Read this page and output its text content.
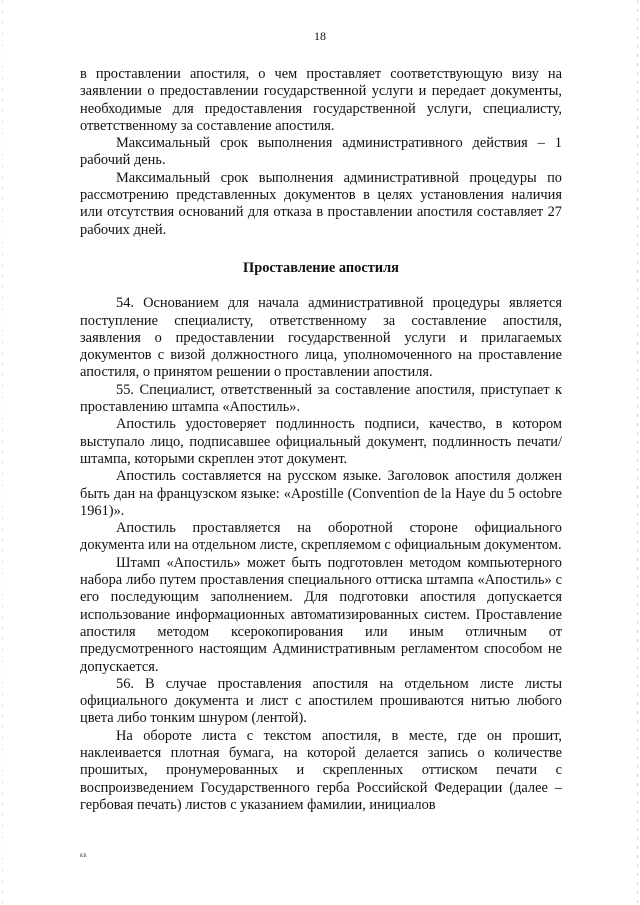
18

в проставлении апостиля, о чем проставляет соответствующую визу на заявлении о предоставлении государственной услуги и передает документы, необходимые для предоставления государственной услуги, специалисту, ответственному за составление апостиля.

Максимальный срок выполнения административного действия – 1 рабочий день.

Максимальный срок выполнения административной процедуры по рассмотрению представленных документов в целях установления наличия или отсутствия оснований для отказа в проставлении апостиля составляет 27 рабочих дней.

Проставление апостиля

54. Основанием для начала административной процедуры является поступление специалисту, ответственному за составление апостиля, заявления о предоставлении государственной услуги и прилагаемых документов с визой должностного лица, уполномоченного на проставление апостиля, о принятом решении о проставлении апостиля.

55. Специалист, ответственный за составление апостиля, приступает к проставлению штампа «Апостиль».

Апостиль удостоверяет подлинность подписи, качество, в котором выступало лицо, подписавшее официальный документ, подлинность печати/штампа, которыми скреплен этот документ.

Апостиль составляется на русском языке. Заголовок апостиля должен быть дан на французском языке: «Apostille (Convention de la Haye du 5 octobre 1961)».

Апостиль проставляется на оборотной стороне официального документа или на отдельном листе, скрепляемом с официальным документом.

Штамп «Апостиль» может быть подготовлен методом компьютерного набора либо путем проставления специального оттиска штампа «Апостиль» с его последующим заполнением. Для подготовки апостиля допускается использование информационных автоматизированных систем. Проставление апостиля методом ксерокопирования или иным отличным от предусмотренного настоящим Административным регламентом способом не допускается.

56. В случае проставления апостиля на отдельном листе листы официального документа и лист с апостилем прошиваются нитью любого цвета либо тонким шнуром (лентой).

На обороте листа с текстом апостиля, в месте, где он прошит, наклеивается плотная бумага, на которой делается запись о количестве прошитых, пронумерованных и скрепленных оттиском печати с воспроизведением Государственного герба Российской Федерации (далее – гербовая печать) листов с указанием фамилии, инициалов

КВ
